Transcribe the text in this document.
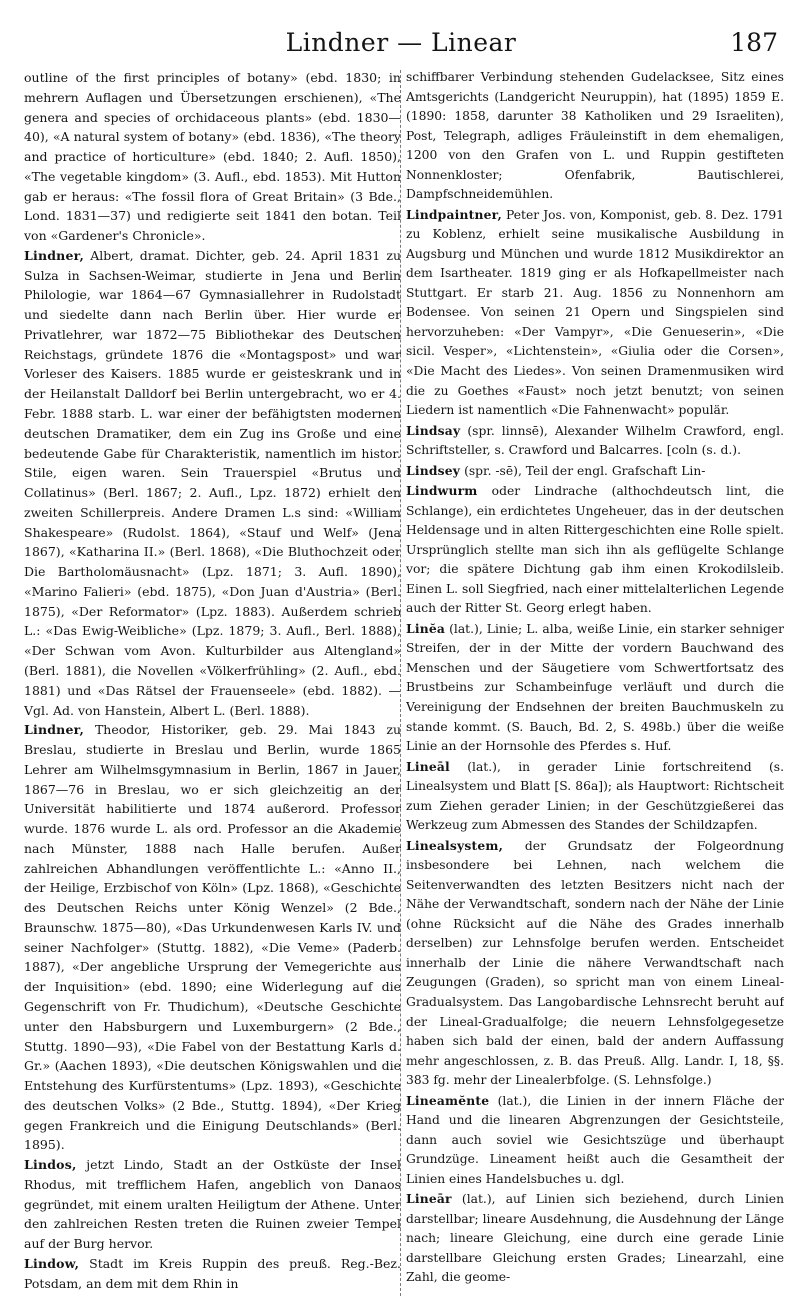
Lindner — Linear	187

outline of the first principles of botany» (ebd. 1830; in mehrern Auflagen und Übersetzungen erschienen), «The genera and species of orchidaceous plants» (ebd. 1830—40), «A natural system of botany» (ebd. 1836), «The theory and practice of horticulture» (ebd. 1840; 2. Aufl. 1850), «The vegetable kingdom» (3. Aufl., ebd. 1853). Mit Hutton gab er heraus: «The fossil flora of Great Britain» (3 Bde., Lond. 1831—37) und redigierte seit 1841 den botan. Teil von «Gardener's Chronicle».

Lindner, Albert, dramat. Dichter, geb. 24. April 1831 zu Sulza in Sachsen-Weimar, studierte in Jena und Berlin Philologie, war 1864—67 Gymnasiallehrer in Rudolstadt und siedelte dann nach Berlin über. Hier wurde er Privatlehrer, war 1872—75 Bibliothekar des Deutschen Reichstags, gründete 1876 die «Montagspost» und war Vorleser des Kaisers. 1885 wurde er geisteskrank und in der Heilanstalt Dalldorf bei Berlin untergebracht, wo er 4. Febr. 1888 starb. L. war einer der befähigtsten modernen deutschen Dramatiker, dem ein Zug ins Große und eine bedeutende Gabe für Charakteristik, namentlich im histor. Stile, eigen waren. Sein Trauerspiel «Brutus und Collatinus» (Berl. 1867; 2. Aufl., Lpz. 1872) erhielt den zweiten Schillerpreis. Andere Dramen L.s sind: «William Shakespeare» (Rudolst. 1864), «Stauf und Welf» (Jena 1867), «Katharina II.» (Berl. 1868), «Die Bluthochzeit oder Die Bartholomäusnacht» (Lpz. 1871; 3. Aufl. 1890), «Marino Falieri» (ebd. 1875), «Don Juan d'Austria» (Berl. 1875), «Der Reformator» (Lpz. 1883). Außerdem schrieb L.: «Das Ewig-Weibliche» (Lpz. 1879; 3. Aufl., Berl. 1888), «Der Schwan vom Avon. Kulturbilder aus Altengland» (Berl. 1881), die Novellen «Völkerfrühling» (2. Aufl., ebd. 1881) und «Das Rätsel der Frauenseele» (ebd. 1882). — Vgl. Ad. von Hanstein, Albert L. (Berl. 1888).

Lindner, Theodor, Historiker, geb. 29. Mai 1843 zu Breslau, studierte in Breslau und Berlin, wurde 1865 Lehrer am Wilhelmsgymnasium in Berlin, 1867 in Jauer, 1867—76 in Breslau, wo er sich gleichzeitig an der Universität habilitierte und 1874 außerord. Professor wurde. 1876 wurde L. als ord. Professor an die Akademie nach Münster, 1888 nach Halle berufen. Außer zahlreichen Abhandlungen veröffentlichte L.: «Anno II., der Heilige, Erzbischof von Köln» (Lpz. 1868), «Geschichte des Deutschen Reichs unter König Wenzel» (2 Bde., Braunschw. 1875—80), «Das Urkundenwesen Karls IV. und seiner Nachfolger» (Stuttg. 1882), «Die Veme» (Paderb. 1887), «Der angebliche Ursprung der Vemegerichte aus der Inquisition» (ebd. 1890; eine Widerlegung auf die Gegenschrift von Fr. Thudichum), «Deutsche Geschichte unter den Habsburgern und Luxemburgern» (2 Bde., Stuttg. 1890—93), «Die Fabel von der Bestattung Karls d. Gr.» (Aachen 1893), «Die deutschen Königswahlen und die Entstehung des Kurfürstentums» (Lpz. 1893), «Geschichte des deutschen Volks» (2 Bde., Stuttg. 1894), «Der Krieg gegen Frankreich und die Einigung Deutschlands» (Berl. 1895).

Lindos, jetzt Lindo, Stadt an der Ostküste der Insel Rhodus, mit trefflichem Hafen, angeblich von Danaos gegründet, mit einem uralten Heiligtum der Athene. Unter den zahlreichen Resten treten die Ruinen zweier Tempel auf der Burg hervor.

Lindow, Stadt im Kreis Ruppin des preuß. Reg.-Bez. Potsdam, an dem mit dem Rhin in

schiffbarer Verbindung stehenden Gudelacksee, Sitz eines Amtsgerichts (Landgericht Neuruppin), hat (1895) 1859 E. (1890: 1858, darunter 38 Katholiken und 29 Israeliten), Post, Telegraph, adliges Fräuleinstift in dem ehemaligen, 1200 von den Grafen von L. und Ruppin gestifteten Nonnenkloster; Ofenfabrik, Bautischlerei, Dampfschneidemühlen.

Lindpaintner, Peter Jos. von, Komponist, geb. 8. Dez. 1791 zu Koblenz, erhielt seine musikalische Ausbildung in Augsburg und München und wurde 1812 Musikdirektor an dem Isartheater. 1819 ging er als Hofkapellmeister nach Stuttgart. Er starb 21. Aug. 1856 zu Nonnenhorn am Bodensee. Von seinen 21 Opern und Singspielen sind hervorzuheben: «Der Vampyr», «Die Genueserin», «Die sicil. Vesper», «Lichtenstein», «Giulia oder die Corsen», «Die Macht des Liedes». Von seinen Dramenmusiken wird die zu Goethes «Faust» noch jetzt benutzt; von seinen Liedern ist namentlich «Die Fahnenwacht» populär.

Lindsay (spr. linnsē), Alexander Wilhelm Crawford, engl. Schriftsteller, s. Crawford und Balcarres. [coln (s. d.).

Lindsey (spr. -sē), Teil der engl. Grafschaft Lin-

Lindwurm oder Lindrache (althochdeutsch lint, die Schlange), ein erdichtetes Ungeheuer, das in der deutschen Heldensage und in alten Rittergeschichten eine Rolle spielt. Ursprünglich stellte man sich ihn als geflügelte Schlange vor; die spätere Dichtung gab ihm einen Krokodilsleib. Einen L. soll Siegfried, nach einer mittelalterlichen Legende auch der Ritter St. Georg erlegt haben.

Linĕa (lat.), Linie; L. alba, weiße Linie, ein starker sehniger Streifen, der in der Mitte der vordern Bauchwand des Menschen und der Säugetiere vom Schwertfortsatz des Brustbeins zur Schambeinfuge verläuft und durch die Vereinigung der Endsehnen der breiten Bauchmuskeln zu stande kommt. (S. Bauch, Bd. 2, S. 498b.) über die weiße Linie an der Hornsohle des Pferdes s. Huf.

Lineāl (lat.), in gerader Linie fortschreitend (s. Linealsystem und Blatt [S. 86a]); als Hauptwort: Richtscheit zum Ziehen gerader Linien; in der Geschützgießerei das Werkzeug zum Abmessen des Standes der Schildzapfen.

Linealsystem, der Grundsatz der Folgeordnung insbesondere bei Lehnen, nach welchem die Seitenverwandten des letzten Besitzers nicht nach der Nähe der Verwandtschaft, sondern nach der Nähe der Linie (ohne Rücksicht auf die Nähe des Grades innerhalb derselben) zur Lehnsfolge berufen werden. Entscheidet innerhalb der Linie die nähere Verwandtschaft nach Zeugungen (Graden), so spricht man von einem Lineal-Gradualsystem. Das Langobardische Lehnsrecht beruht auf der Lineal-Gradualfolge; die neuern Lehnsfolgegesetze haben sich bald der einen, bald der andern Auffassung mehr angeschlossen, z. B. das Preuß. Allg. Landr. I, 18, §§. 383 fg. mehr der Linealerbfolge. (S. Lehnsfolge.)

Lineamĕnte (lat.), die Linien in der innern Fläche der Hand und die linearen Abgrenzungen der Gesichtsteile, dann auch soviel wie Gesichtszüge und überhaupt Grundzüge. Lineament heißt auch die Gesamtheit der Linien eines Handelsbuches u. dgl.

Lineār (lat.), auf Linien sich beziehend, durch Linien darstellbar; lineare Ausdehnung, die Ausdehnung der Länge nach; lineare Gleichung, eine durch eine gerade Linie darstellbare Gleichung ersten Grades; Linearzahl, eine Zahl, die geome-
